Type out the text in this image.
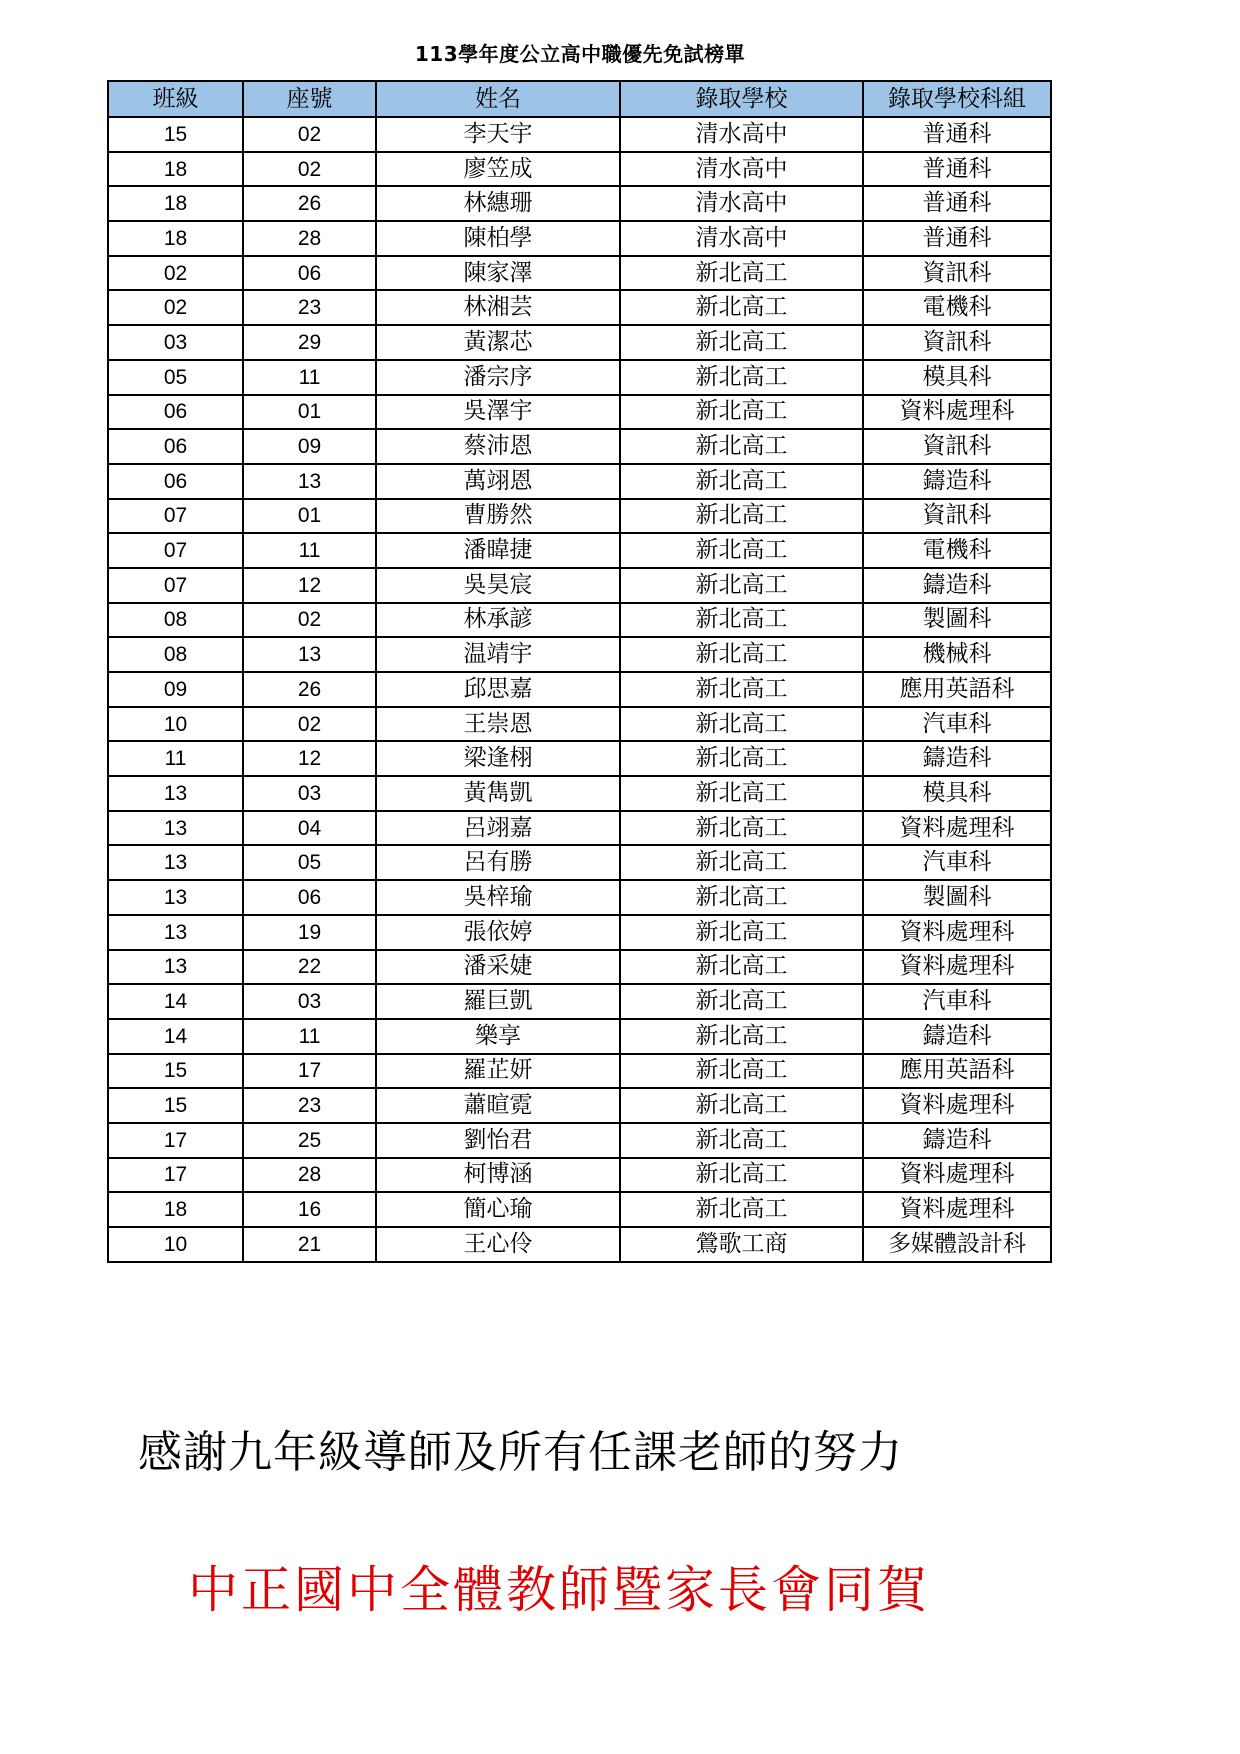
113學年度公立高中職優先免試榜單
班級	座號	姓名	錄取學校	錄取學校科組
15	02	李天宇	清水高中	普通科
18	02	廖笠成	清水高中	普通科
18	26	林繐珊	清水高中	普通科
18	28	陳柏學	清水高中	普通科
02	06	陳家澤	新北高工	資訊科
02	23	林湘芸	新北高工	電機科
03	29	黃潔芯	新北高工	資訊科
05	11	潘宗序	新北高工	模具科
06	01	吳澤宇	新北高工	資料處理科
06	09	蔡沛恩	新北高工	資訊科
06	13	萬翊恩	新北高工	鑄造科
07	01	曹勝然	新北高工	資訊科
07	11	潘暐捷	新北高工	電機科
07	12	吳昊宸	新北高工	鑄造科
08	02	林承諺	新北高工	製圖科
08	13	温靖宇	新北高工	機械科
09	26	邱思嘉	新北高工	應用英語科
10	02	王崇恩	新北高工	汽車科
11	12	梁逢栩	新北高工	鑄造科
13	03	黃雋凱	新北高工	模具科
13	04	呂翊嘉	新北高工	資料處理科
13	05	呂有勝	新北高工	汽車科
13	06	吳梓瑜	新北高工	製圖科
13	19	張依婷	新北高工	資料處理科
13	22	潘采婕	新北高工	資料處理科
14	03	羅巨凱	新北高工	汽車科
14	11	樂享	新北高工	鑄造科
15	17	羅芷妍	新北高工	應用英語科
15	23	蕭暄霓	新北高工	資料處理科
17	25	劉怡君	新北高工	鑄造科
17	28	柯博涵	新北高工	資料處理科
18	16	簡心瑜	新北高工	資料處理科
10	21	王心伶	鶯歌工商	多媒體設計科
感謝九年級導師及所有任課老師的努力
中正國中全體教師暨家長會同賀
